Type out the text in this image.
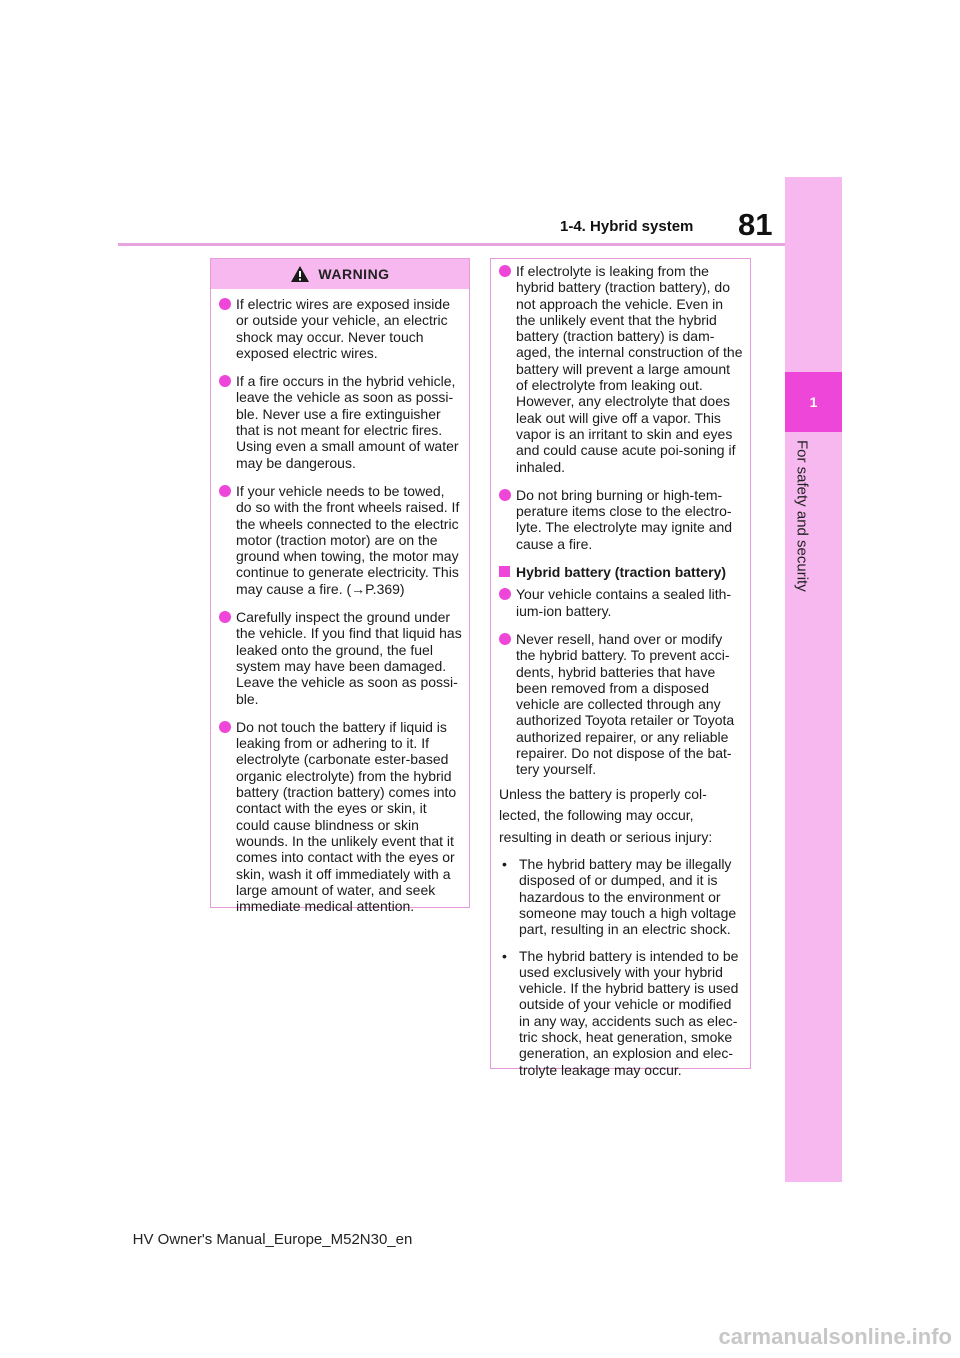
81
1-4. Hybrid system
1
For safety and security
WARNING
If electric wires are exposed inside or outside your vehicle, an electric shock may occur. Never touch exposed electric wires.
If a fire occurs in the hybrid vehicle, leave the vehicle as soon as possi-ble. Never use a fire extinguisher that is not meant for electric fires. Using even a small amount of water may be dangerous.
If your vehicle needs to be towed, do so with the front wheels raised. If the wheels connected to the electric motor (traction motor) are on the ground when towing, the motor may continue to generate electricity. This may cause a fire. (→P.369)
Carefully inspect the ground under the vehicle. If you find that liquid has leaked onto the ground, the fuel system may have been damaged. Leave the vehicle as soon as possi-ble.
Do not touch the battery if liquid is leaking from or adhering to it. If electrolyte (carbonate ester-based organic electrolyte) from the hybrid battery (traction battery) comes into contact with the eyes or skin, it could cause blindness or skin wounds. In the unlikely event that it comes into contact with the eyes or skin, wash it off immediately with a large amount of water, and seek immediate medical attention.
If electrolyte is leaking from the hybrid battery (traction battery), do not approach the vehicle. Even in the unlikely event that the hybrid battery (traction battery) is dam-aged, the internal construction of the battery will prevent a large amount of electrolyte from leaking out. However, any electrolyte that does leak out will give off a vapor. This vapor is an irritant to skin and eyes and could cause acute poi-soning if inhaled.
Do not bring burning or high-tem-perature items close to the electro-lyte. The electrolyte may ignite and cause a fire.
Hybrid battery (traction battery)
Your vehicle contains a sealed lith-ium-ion battery.
Never resell, hand over or modify the hybrid battery. To prevent acci-dents, hybrid batteries that have been removed from a disposed vehicle are collected through any authorized Toyota retailer or Toyota authorized repairer, or any reliable repairer. Do not dispose of the bat-tery yourself.

Unless the battery is properly col-

lected, the following may occur,

resulting in death or serious injury:

• The hybrid battery may be illegally disposed of or dumped, and it is hazardous to the environment or someone may touch a high voltage part, resulting in an electric shock.
• The hybrid battery is intended to be used exclusively with your hybrid vehicle. If the hybrid battery is used outside of your vehicle or modified in any way, accidents such as elec-tric shock, heat generation, smoke generation, an explosion and elec-trolyte leakage may occur.
HV Owner's Manual_Europe_M52N30_en
carmanualsonline.info
